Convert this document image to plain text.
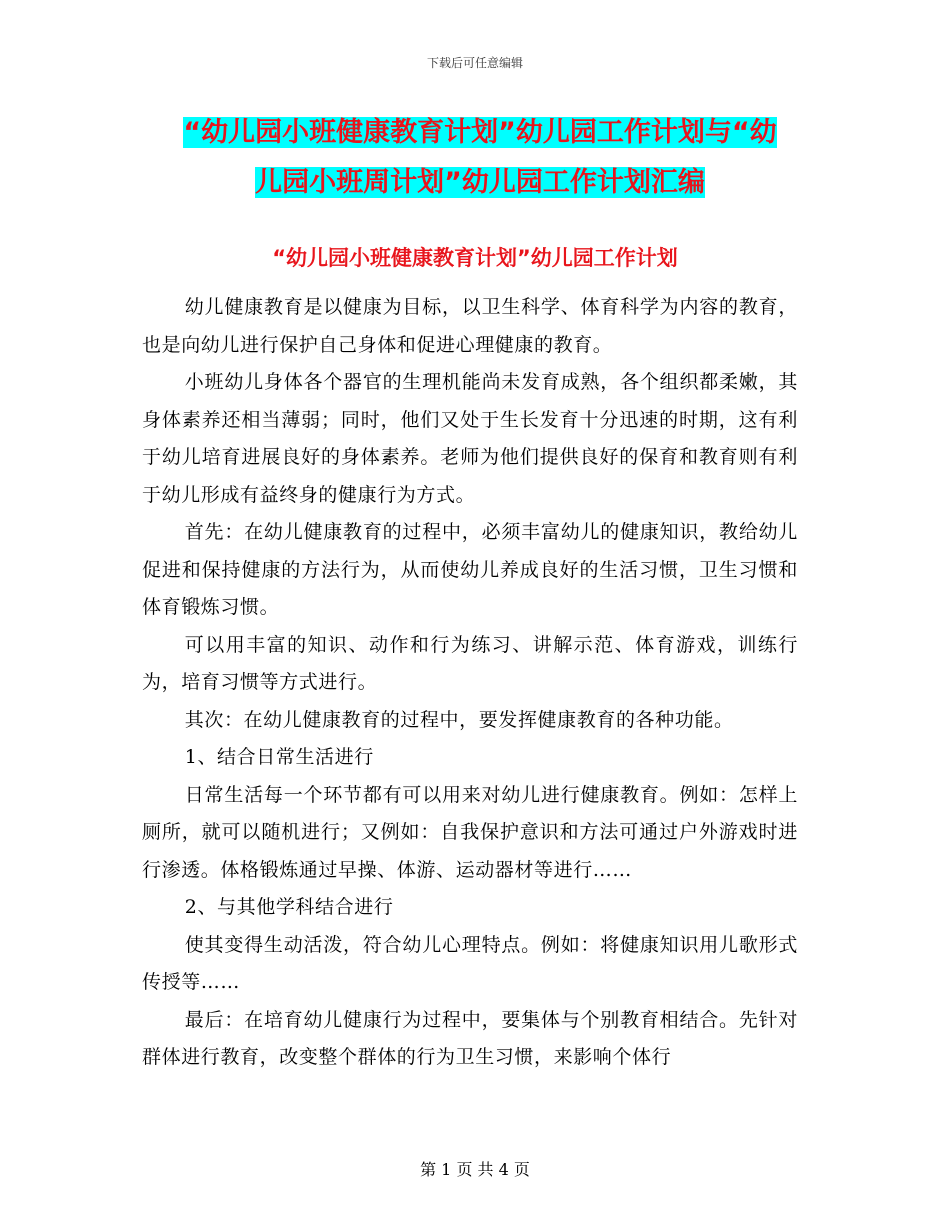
下载后可任意编辑
“幼儿园小班健康教育计划”幼儿园工作计划与“幼
儿园小班周计划”幼儿园工作计划汇编
“幼儿园小班健康教育计划”幼儿园工作计划

幼儿健康教育是以健康为目标，以卫生科学、体育科学为内容的教育，也是向幼儿进行保护自己身体和促进心理健康的教育。

小班幼儿身体各个器官的生理机能尚未发育成熟，各个组织都柔嫩，其身体素养还相当薄弱；同时，他们又处于生长发育十分迅速的时期，这有利于幼儿培育进展良好的身体素养。老师为他们提供良好的保育和教育则有利于幼儿形成有益终身的健康行为方式。

首先：在幼儿健康教育的过程中，必须丰富幼儿的健康知识，教给幼儿促进和保持健康的方法行为，从而使幼儿养成良好的生活习惯，卫生习惯和体育锻炼习惯。

可以用丰富的知识、动作和行为练习、讲解示范、体育游戏，训练行为，培育习惯等方式进行。

其次：在幼儿健康教育的过程中，要发挥健康教育的各种功能。

1、结合日常生活进行

日常生活每一个环节都有可以用来对幼儿进行健康教育。例如：怎样上厕所，就可以随机进行；又例如：自我保护意识和方法可通过户外游戏时进行渗透。体格锻炼通过早操、体游、运动器材等进行……

2、与其他学科结合进行

使其变得生动活泼，符合幼儿心理特点。例如：将健康知识用儿歌形式传授等……

最后：在培育幼儿健康行为过程中，要集体与个别教育相结合。先针对群体进行教育，改变整个群体的行为卫生习惯，来影响个体行

第 1 页 共 4 页
